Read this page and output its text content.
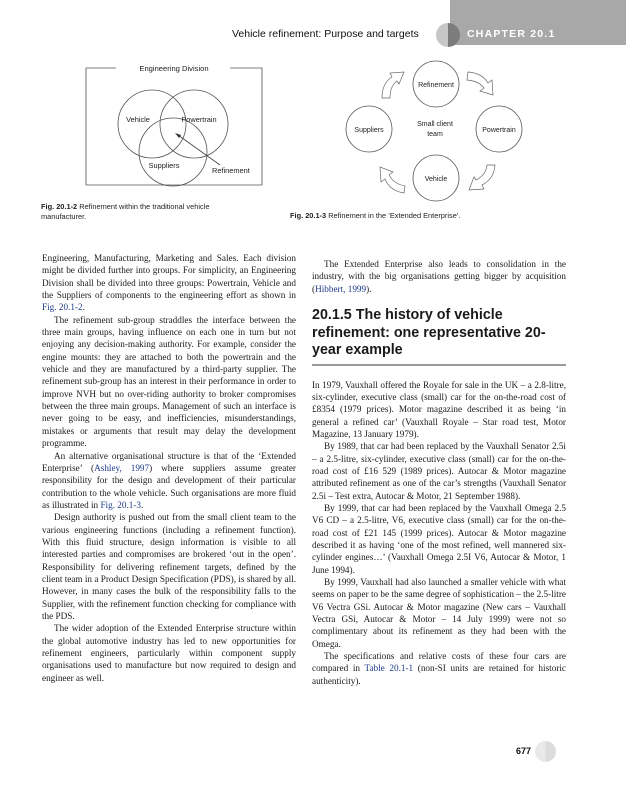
Vehicle refinement: Purpose and targets	CHAPTER 20.1
Engineering Division
Vehicle	Powertrain
Suppliers
Refinement
Refinement
Powertrain
Vehicle
Suppliers
Small client
team
Fig. 20.1-2 Refinement within the traditional vehicle manufacturer.	Fig. 20.1-3 Refinement in the ‘Extended Enterprise’.

Engineering, Manufacturing, Marketing and Sales. Each division might be divided further into groups. For simplicity, an Engineering Division shall be divided into three groups: Powertrain, Vehicle and the Suppliers of components to the engineering effort as shown in Fig. 20.1-2.

The refinement sub-group straddles the interface between the three main groups, having influence on each one in turn but not enjoying any decision-making authority. For example, consider the engine mounts: they are attached to both the powertrain and the vehicle and they are manufactured by a third-party supplier. The refinement sub-group has an interest in their performance in order to improve NVH but no over-riding authority to broker compromises between the three main groups. Management of such an interface is never going to be easy, and inefficiencies, misunderstandings, mistakes or arguments that result may delay the development programme.

An alternative organisational structure is that of the ‘Extended Enterprise’ (Ashley, 1997) where suppliers assume greater responsibility for the design and development of their particular contribution to the whole vehicle. Such organisations are more fluid as illustrated in Fig. 20.1-3.

Design authority is pushed out from the small client team to the various engineering functions (including a refinement function). With this fluid structure, design information is visible to all interested parties and compromises are brokered ‘out in the open’. Responsibility for delivering refinement targets, defined by the client team in a Product Design Specification (PDS), is shared by all. However, in many cases the bulk of the responsibility falls to the Supplier, with the refinement function checking for compliance with the PDS.

The wider adoption of the Extended Enterprise structure within the global automotive industry has led to new opportunities for refinement engineers, particularly within component supply organisations used to manufacture but now required to design and engineer as well.

The Extended Enterprise also leads to consolidation in the industry, with the big organisations getting bigger by acquisition (Hibbert, 1999).

20.1.5 The history of vehicle refinement: one representative 20-year example

In 1979, Vauxhall offered the Royale for sale in the UK – a 2.8-litre, six-cylinder, executive class (small) car for the on-the-road cost of £8354 (1979 prices). Motor magazine described it as being ‘in general a refined car’ (Vauxhall Royale – Star road test, Motor Magazine, 13 January 1979).

By 1989, that car had been replaced by the Vauxhall Senator 2.5i – a 2.5-litre, six-cylinder, executive class (small) car for the on-the-road cost of £16 529 (1989 prices). Autocar & Motor magazine attributed refinement as one of the car’s strengths (Vauxhall Senator 2.5i – Test extra, Autocar & Motor, 21 September 1988).

By 1999, that car had been replaced by the Vauxhall Omega 2.5 V6 CD – a 2.5-litre, V6, executive class (small) car for the on-the-road cost of £21 145 (1999 prices). Autocar & Motor magazine described it as having ‘one of the most refined, well mannered six-cylinder engines…’ (Vauxhall Omega 2.5I V6, Autocar & Motor, 1 June 1994).

By 1999, Vauxhall had also launched a smaller vehicle with what seems on paper to be the same degree of sophistication – the 2.5-litre V6 Vectra GSi. Autocar & Motor magazine (New cars – Vauxhall Vectra GSi, Autocar & Motor – 14 July 1999) were not so complimentary about its refinement as they had been with the Omega.

The specifications and relative costs of these four cars are compared in Table 20.1-1 (non-SI units are retained for historic authenticity).

677
